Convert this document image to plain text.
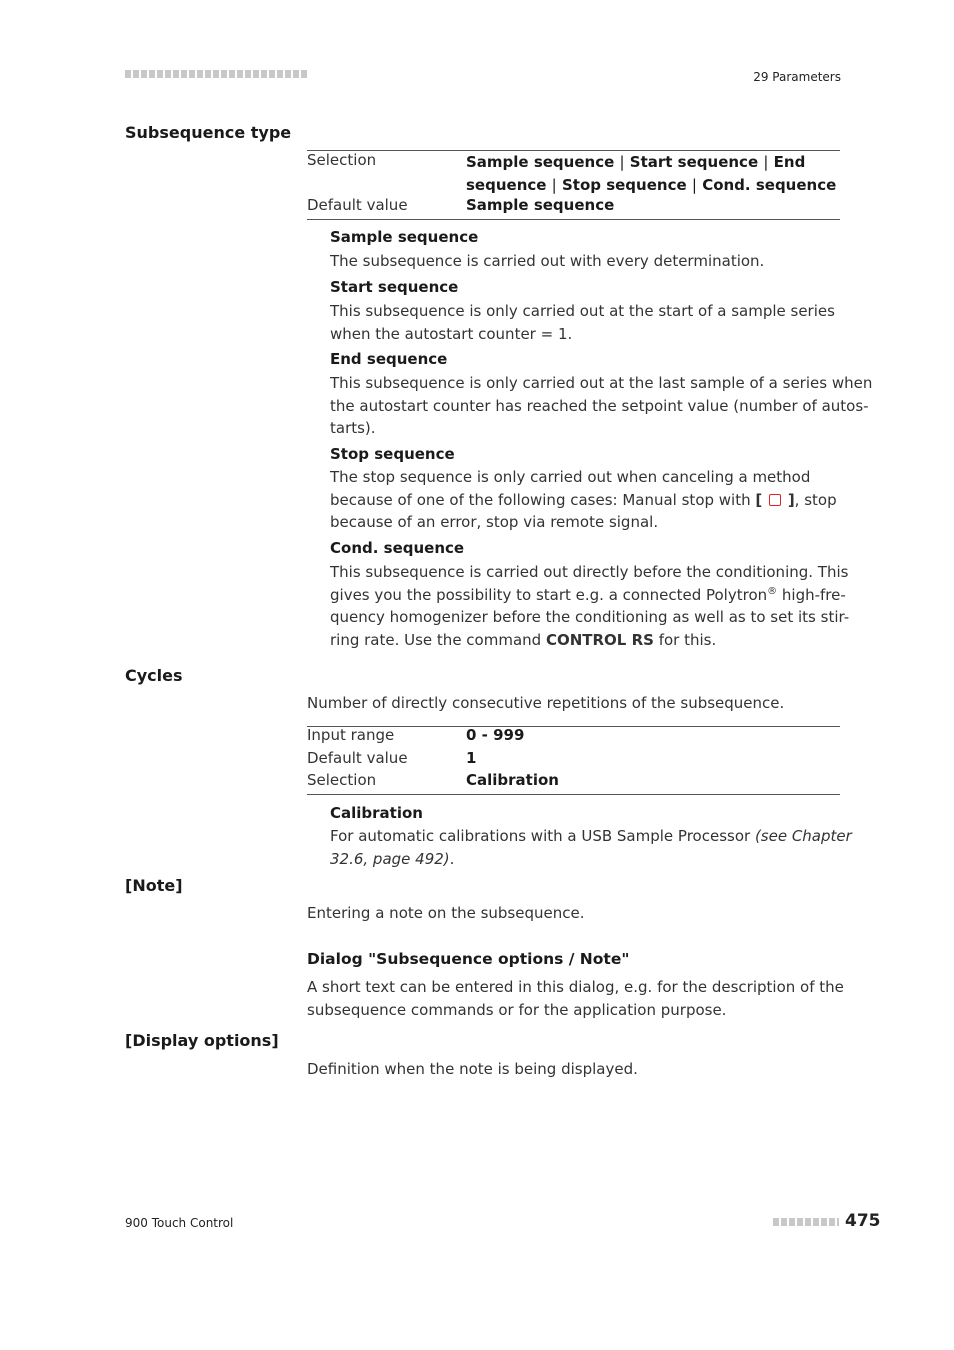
29 Parameters
Subsequence type
Selection	Sample sequence | Start sequence | End
sequence | Stop sequence | Cond. sequence
Default value	Sample sequence
Sample sequence
The subsequence is carried out with every determination.
Start sequence
This subsequence is only carried out at the start of a sample series
when the autostart counter = 1.
End sequence
This subsequence is only carried out at the last sample of a series when
the autostart counter has reached the setpoint value (number of autos-
tarts).
Stop sequence
The stop sequence is only carried out when canceling a method
because of one of the following cases: Manual stop with [ ], stop
because of an error, stop via remote signal.
Cond. sequence
This subsequence is carried out directly before the conditioning. This
gives you the possibility to start e.g. a connected Polytron® high-fre-
quency homogenizer before the conditioning as well as to set its stir-
ring rate. Use the command CONTROL RS for this.
Cycles
Number of directly consecutive repetitions of the subsequence.
Input range	0 - 999
Default value	1
Selection	Calibration
Calibration
For automatic calibrations with a USB Sample Processor (see Chapter
32.6, page 492).
[Note]
Entering a note on the subsequence.
Dialog "Subsequence options / Note"
A short text can be entered in this dialog, e.g. for the description of the
subsequence commands or for the application purpose.
[Display options]
Definition when the note is being displayed.
900 Touch Control	475
